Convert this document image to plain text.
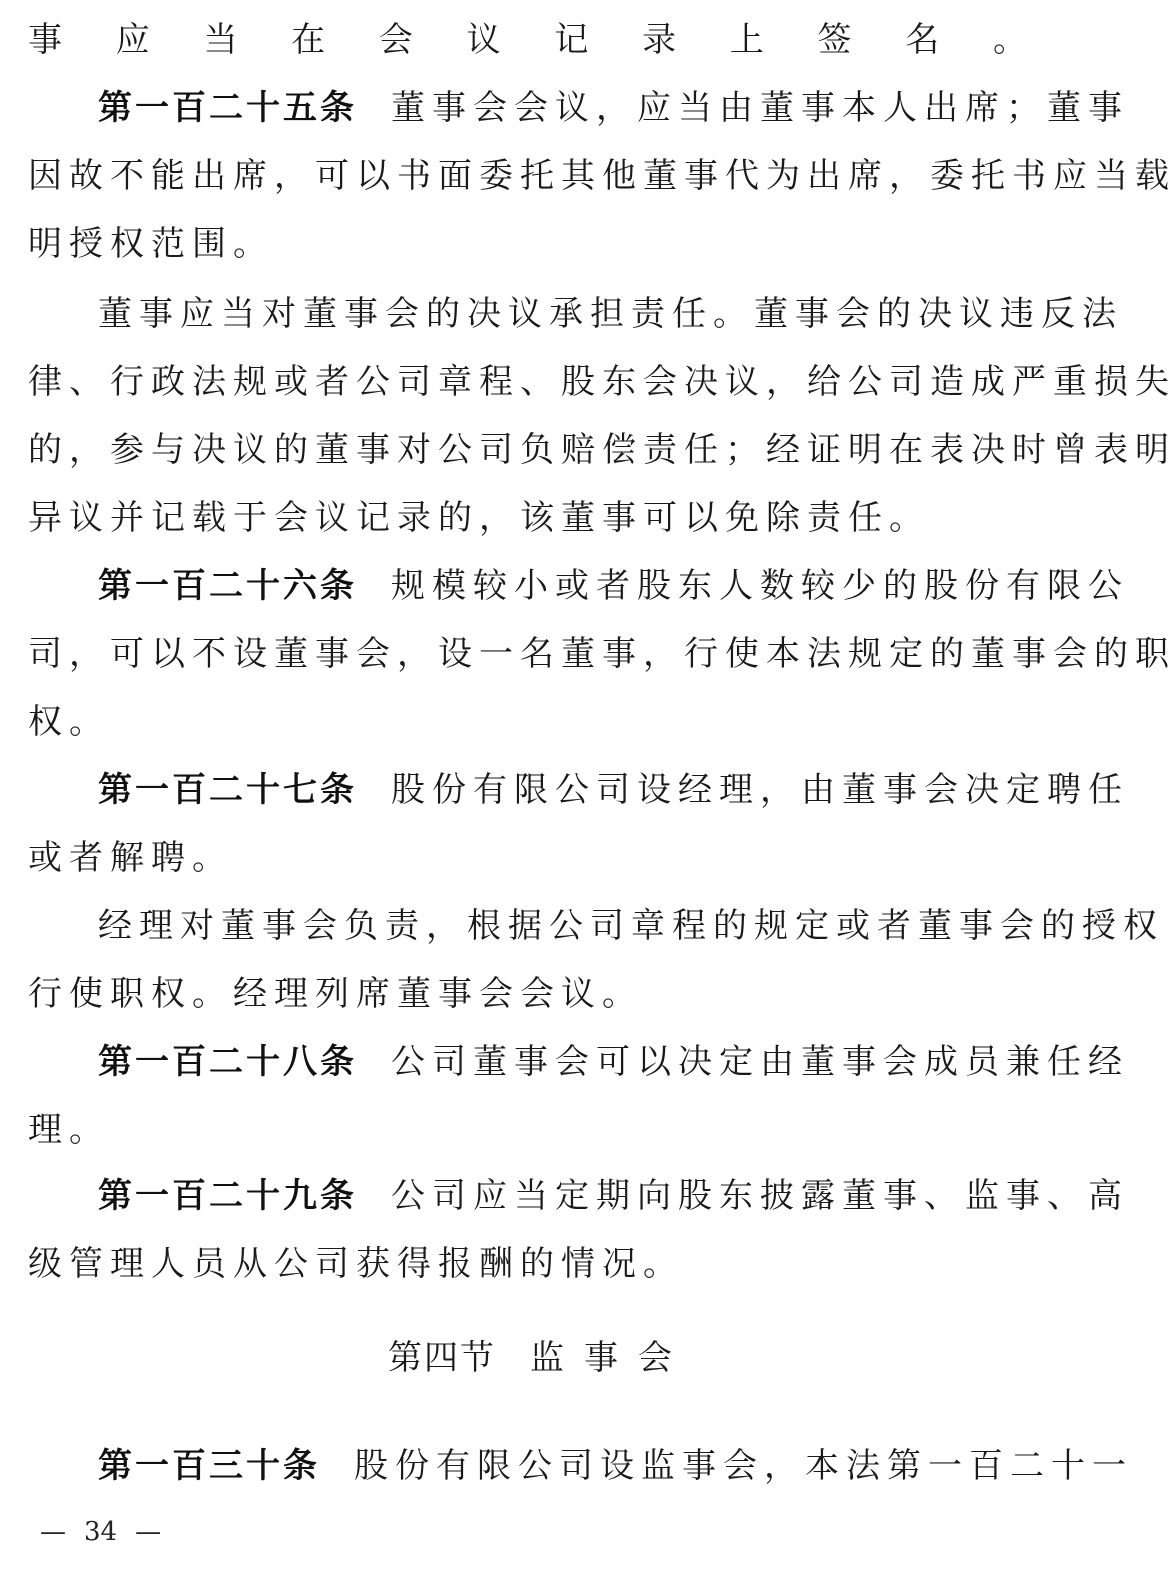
事应当在会议记录上签名。
第一百二十五条 董事会会议，应当由董事本人出席；董事
因故不能出席，可以书面委托其他董事代为出席，委托书应当载
明授权范围。
董事应当对董事会的决议承担责任。董事会的决议违反法
律、行政法规或者公司章程、股东会决议，给公司造成严重损失
的，参与决议的董事对公司负赔偿责任；经证明在表决时曾表明
异议并记载于会议记录的，该董事可以免除责任。
第一百二十六条 规模较小或者股东人数较少的股份有限公
司，可以不设董事会，设一名董事，行使本法规定的董事会的职
权。
第一百二十七条 股份有限公司设经理，由董事会决定聘任
或者解聘。
经理对董事会负责，根据公司章程的规定或者董事会的授权
行使职权。经理列席董事会会议。
第一百二十八条 公司董事会可以决定由董事会成员兼任经
理。
第一百二十九条 公司应当定期向股东披露董事、监事、高
级管理人员从公司获得报酬的情况。
第四节 监事会
第一百三十条 股份有限公司设监事会，本法第一百二十一
— 34 —
